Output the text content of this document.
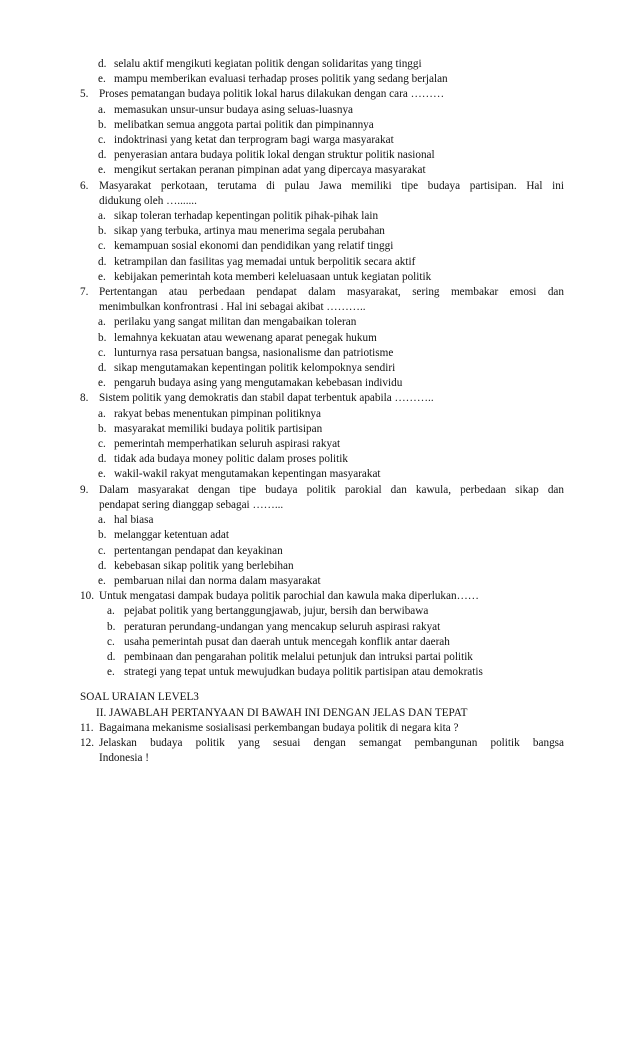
d. selalu aktif mengikuti kegiatan politik dengan solidaritas yang tinggi
e. mampu memberikan evaluasi terhadap proses politik yang sedang berjalan
5. Proses pematangan budaya politik lokal harus dilakukan dengan cara ………
a. memasukan unsur-unsur budaya asing seluas-luasnya
b. melibatkan semua anggota partai politik dan pimpinannya
c. indoktrinasi yang ketat dan terprogram bagi warga masyarakat
d. penyerasian antara budaya politik lokal dengan struktur politik nasional
e. mengikut sertakan peranan pimpinan adat yang dipercaya masyarakat
6. Masyarakat perkotaan, terutama di pulau Jawa memiliki tipe budaya partisipan. Hal ini
didukung oleh ….......
a. sikap toleran terhadap kepentingan politik pihak-pihak lain
b. sikap yang terbuka, artinya mau menerima segala perubahan
c. kemampuan sosial ekonomi dan pendidikan yang relatif tinggi
d. ketrampilan dan fasilitas yag memadai untuk berpolitik secara aktif
e. kebijakan pemerintah kota memberi keleluasaan untuk kegiatan politik
7. Pertentangan atau perbedaan pendapat dalam masyarakat, sering membakar emosi dan
menimbulkan konfrontrasi . Hal ini sebagai akibat ………..
a. perilaku yang sangat militan dan mengabaikan toleran
b. lemahnya kekuatan atau wewenang aparat penegak hukum
c. lunturnya rasa persatuan bangsa, nasionalisme dan patriotisme
d. sikap mengutamakan kepentingan politik kelompoknya sendiri
e. pengaruh budaya asing yang mengutamakan kebebasan individu
8. Sistem politik yang demokratis dan stabil dapat terbentuk apabila ………..
a. rakyat bebas menentukan pimpinan politiknya
b. masyarakat memiliki budaya politik partisipan
c. pemerintah memperhatikan seluruh aspirasi rakyat
d. tidak ada budaya money politic dalam proses politik
e. wakil-wakil rakyat mengutamakan kepentingan masyarakat
9. Dalam masyarakat dengan tipe budaya politik parokial dan kawula, perbedaan sikap dan
pendapat sering dianggap sebagai ……...
a. hal biasa
b. melanggar ketentuan adat
c. pertentangan pendapat dan keyakinan
d. kebebasan sikap politik yang berlebihan
e. pembaruan nilai dan norma dalam masyarakat
10. Untuk mengatasi dampak budaya politik parochial dan kawula maka diperlukan……
a. pejabat politik yang bertanggungjawab, jujur, bersih dan berwibawa
b. peraturan perundang-undangan yang mencakup seluruh aspirasi rakyat
c. usaha pemerintah pusat dan daerah untuk mencegah konflik antar daerah
d. pembinaan dan pengarahan politik melalui petunjuk dan intruksi partai politik
e. strategi yang tepat untuk mewujudkan budaya politik partisipan atau demokratis
SOAL URAIAN LEVEL3
II. JAWABLAH PERTANYAAN DI BAWAH INI DENGAN JELAS DAN TEPAT
11. Bagaimana mekanisme sosialisasi perkembangan budaya politik di negara kita ?
12. Jelaskan budaya politik yang sesuai dengan semangat pembangunan politik bangsa
Indonesia !
